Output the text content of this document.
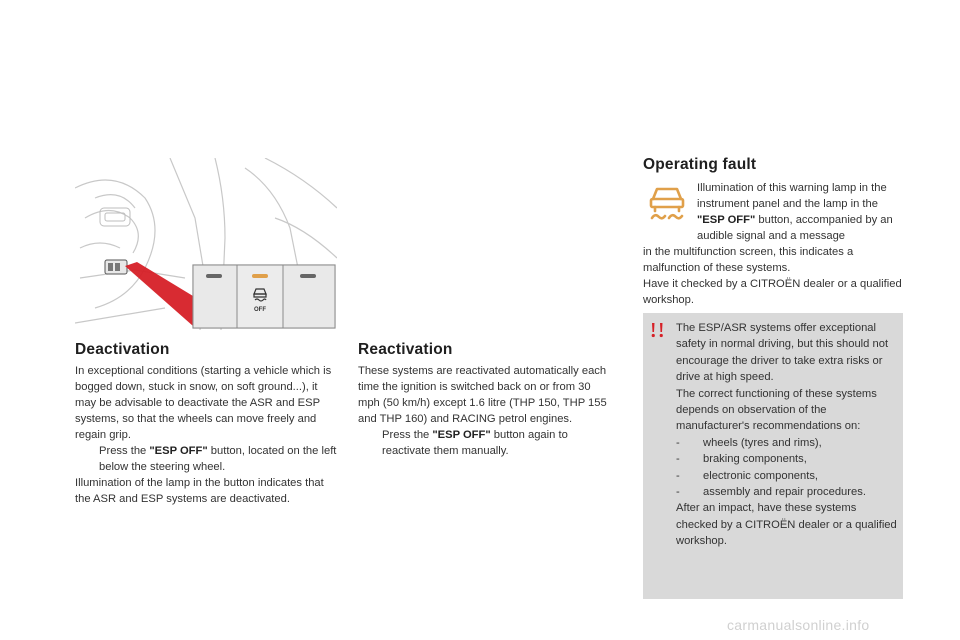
OFF
Deactivation

In exceptional conditions (starting a vehicle which is bogged down, stuck in snow, on soft ground...), it may be advisable to deactivate the ASR and ESP systems, so that the wheels can move freely and regain grip.

Press the "ESP OFF" button, located on the left below the steering wheel.

Illumination of the lamp in the button indicates that the ASR and ESP systems are deactivated.

Reactivation

These systems are reactivated automatically each time the ignition is switched back on or from 30 mph (50 km/h) except 1.6 litre (THP 150, THP 155 and THP 160) and RACING petrol engines.

Press the "ESP OFF" button again to reactivate them manually.

Operating fault

Illumination of this warning lamp in the instrument panel and the lamp in the "ESP OFF" button, accompanied by an audible signal and a message

in the multifunction screen, this indicates a malfunction of these systems.

Have it checked by a CITROËN dealer or a qualified workshop.

The ESP/ASR systems offer exceptional safety in normal driving, but this should not encourage the driver to take extra risks or drive at high speed.

The correct functioning of these systems depends on observation of the manufacturer's recommendations on:

- wheels (tyres and rims),

- braking components,

- electronic components,

- assembly and repair procedures.

After an impact, have these systems checked by a CITROËN dealer or a qualified workshop.

carmanualsonline.info
